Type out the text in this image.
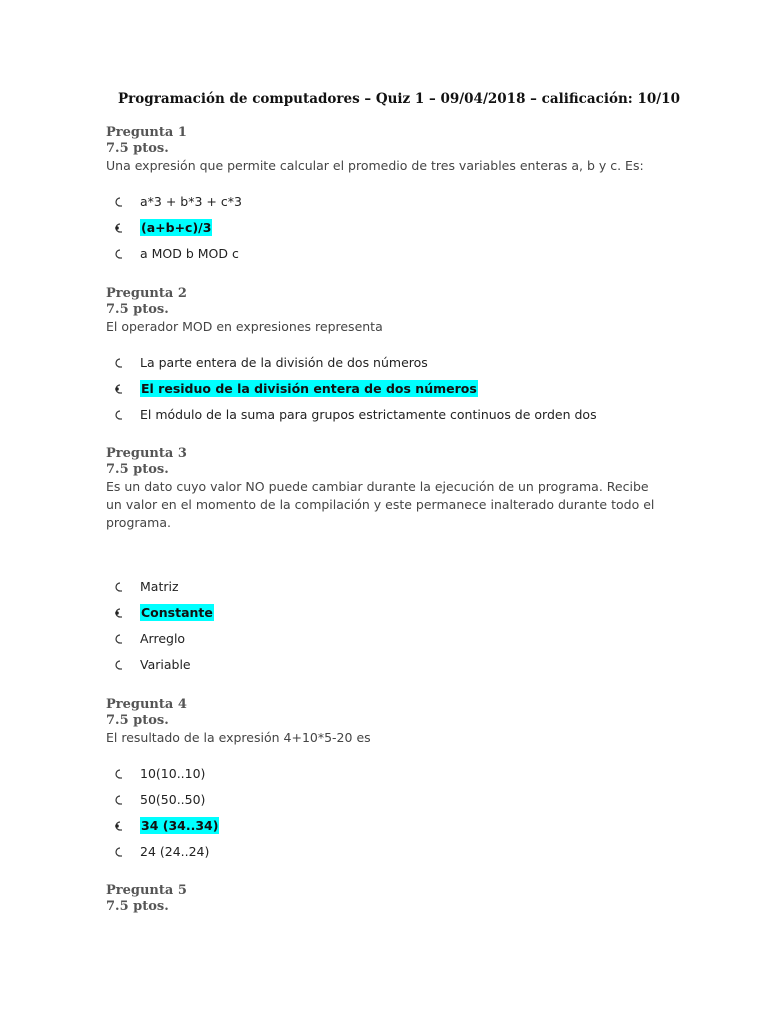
Programación de computadores – Quiz 1 – 09/04/2018 – calificación: 10/10
Pregunta 1
7.5 ptos.
Una expresión que permite calcular el promedio de tres variables enteras a, b y c. Es:
a*3 + b*3 + c*3
(a+b+c)/3
a MOD b MOD c
Pregunta 2
7.5 ptos.
El operador MOD en expresiones representa
La parte entera de la división de dos números
El residuo de la división entera de dos números
El módulo de la suma para grupos estrictamente continuos de orden dos
Pregunta 3
7.5 ptos.
Es un dato cuyo valor NO puede cambiar durante la ejecución de un programa. Recibe un valor en el momento de la compilación y este permanece inalterado durante todo el programa.
Matriz
Constante
Arreglo
Variable
Pregunta 4
7.5 ptos.
El resultado de la expresión 4+10*5-20 es
10(10..10)
50(50..50)
34 (34..34)
24 (24..24)
Pregunta 5
7.5 ptos.
